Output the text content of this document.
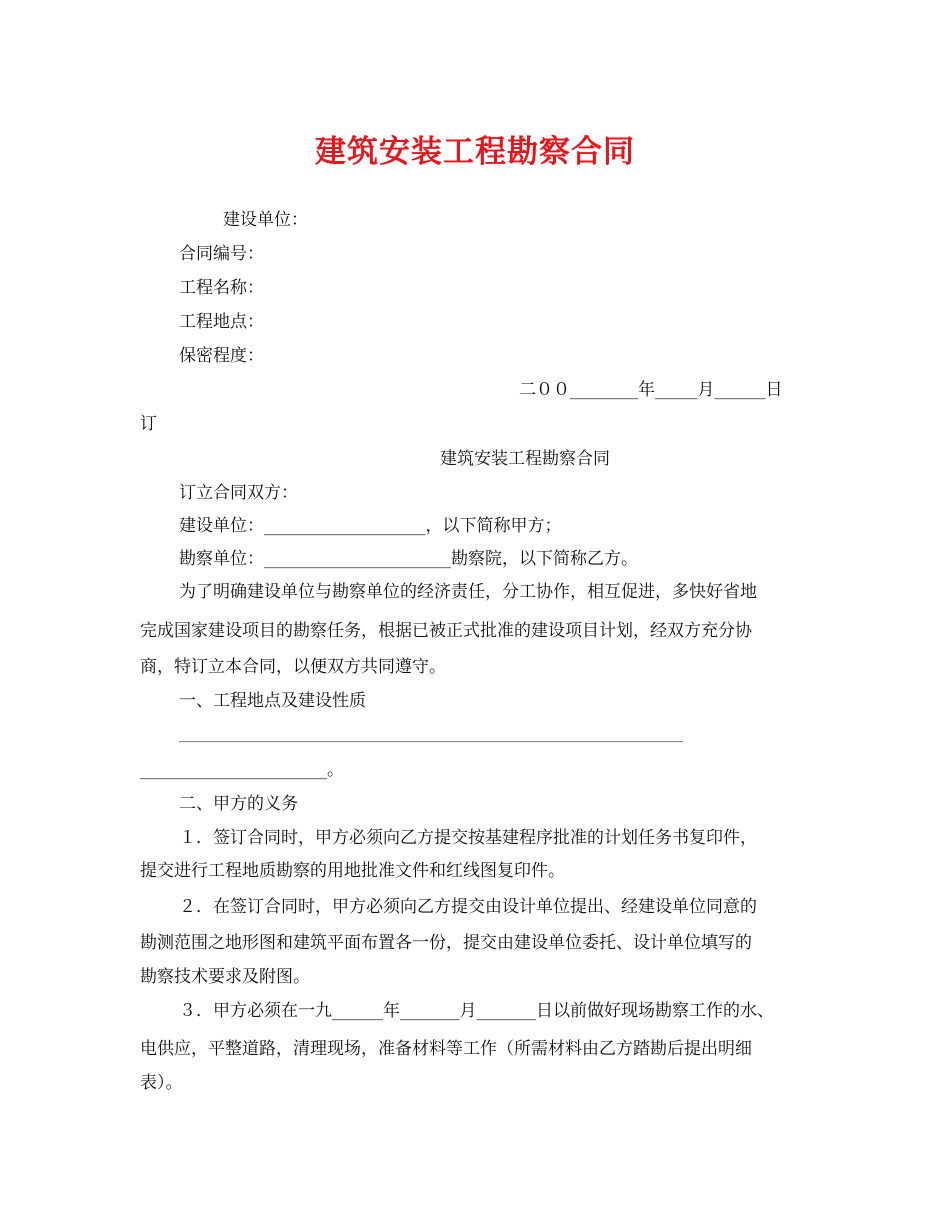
建筑安装工程勘察合同
建设单位：
合同编号：
工程名称：
工程地点：
保密程度：
二００________年_____月______日
订
建筑安装工程勘察合同
订立合同双方：
建设单位：___________________，以下简称甲方；
勘察单位：______________________勘察院，以下简称乙方。
为了明确建设单位与勘察单位的经济责任，分工协作，相互促进，多快好省地
完成国家建设项目的勘察任务，根据已被正式批准的建设项目计划，经双方充分协
商，特订立本合同，以便双方共同遵守。
一、工程地点及建设性质
________________________________________________________________________
______________________。
二、甲方的义务
１．签订合同时，甲方必须向乙方提交按基建程序批准的计划任务书复印件，
提交进行工程地质勘察的用地批准文件和红线图复印件。
２．在签订合同时，甲方必须向乙方提交由设计单位提出、经建设单位同意的
勘测范围之地形图和建筑平面布置各一份，提交由建设单位委托、设计单位填写的
勘察技术要求及附图。
３．甲方必须在一九______年_______月_______日以前做好现场勘察工作的水、
电供应，平整道路，清理现场，准备材料等工作（所需材料由乙方踏勘后提出明细
表）。
